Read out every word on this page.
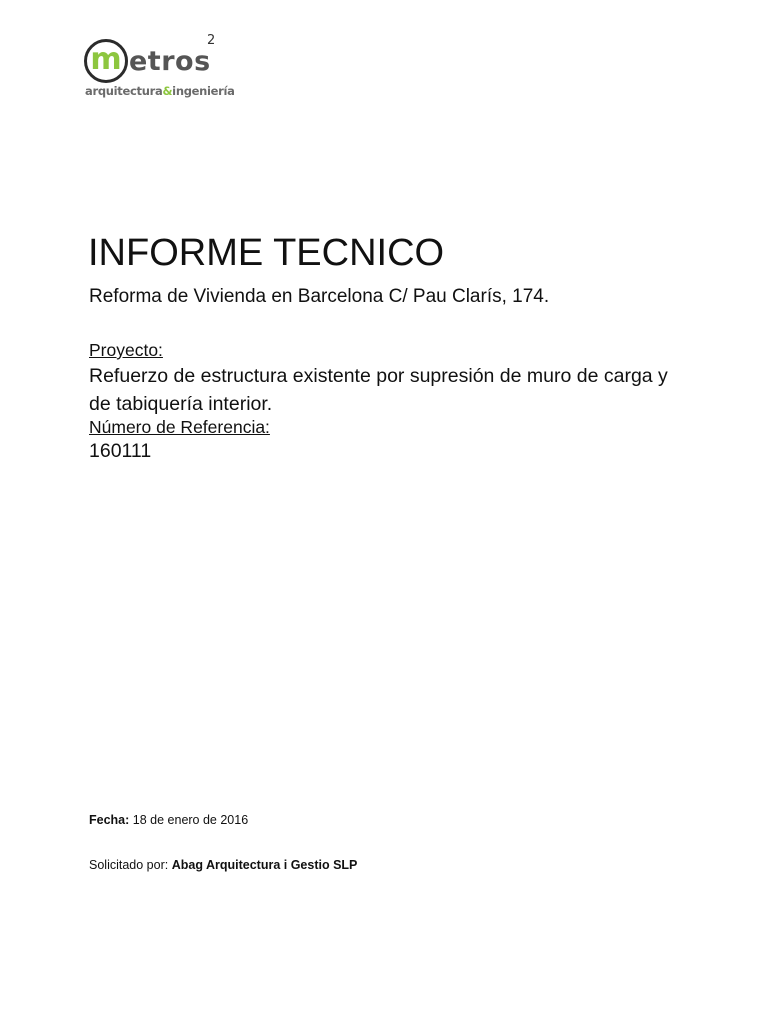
m etros
2
arquitectura&ingeniería
INFORME TECNICO
Reforma de Vivienda en Barcelona C/ Pau Clarís, 174.
Proyecto:
Refuerzo de estructura existente por supresión de muro de carga y de tabiquería interior.
Número de Referencia:
160111
Fecha: 18 de enero de 2016
Solicitado por: Abag Arquitectura i Gestio SLP
